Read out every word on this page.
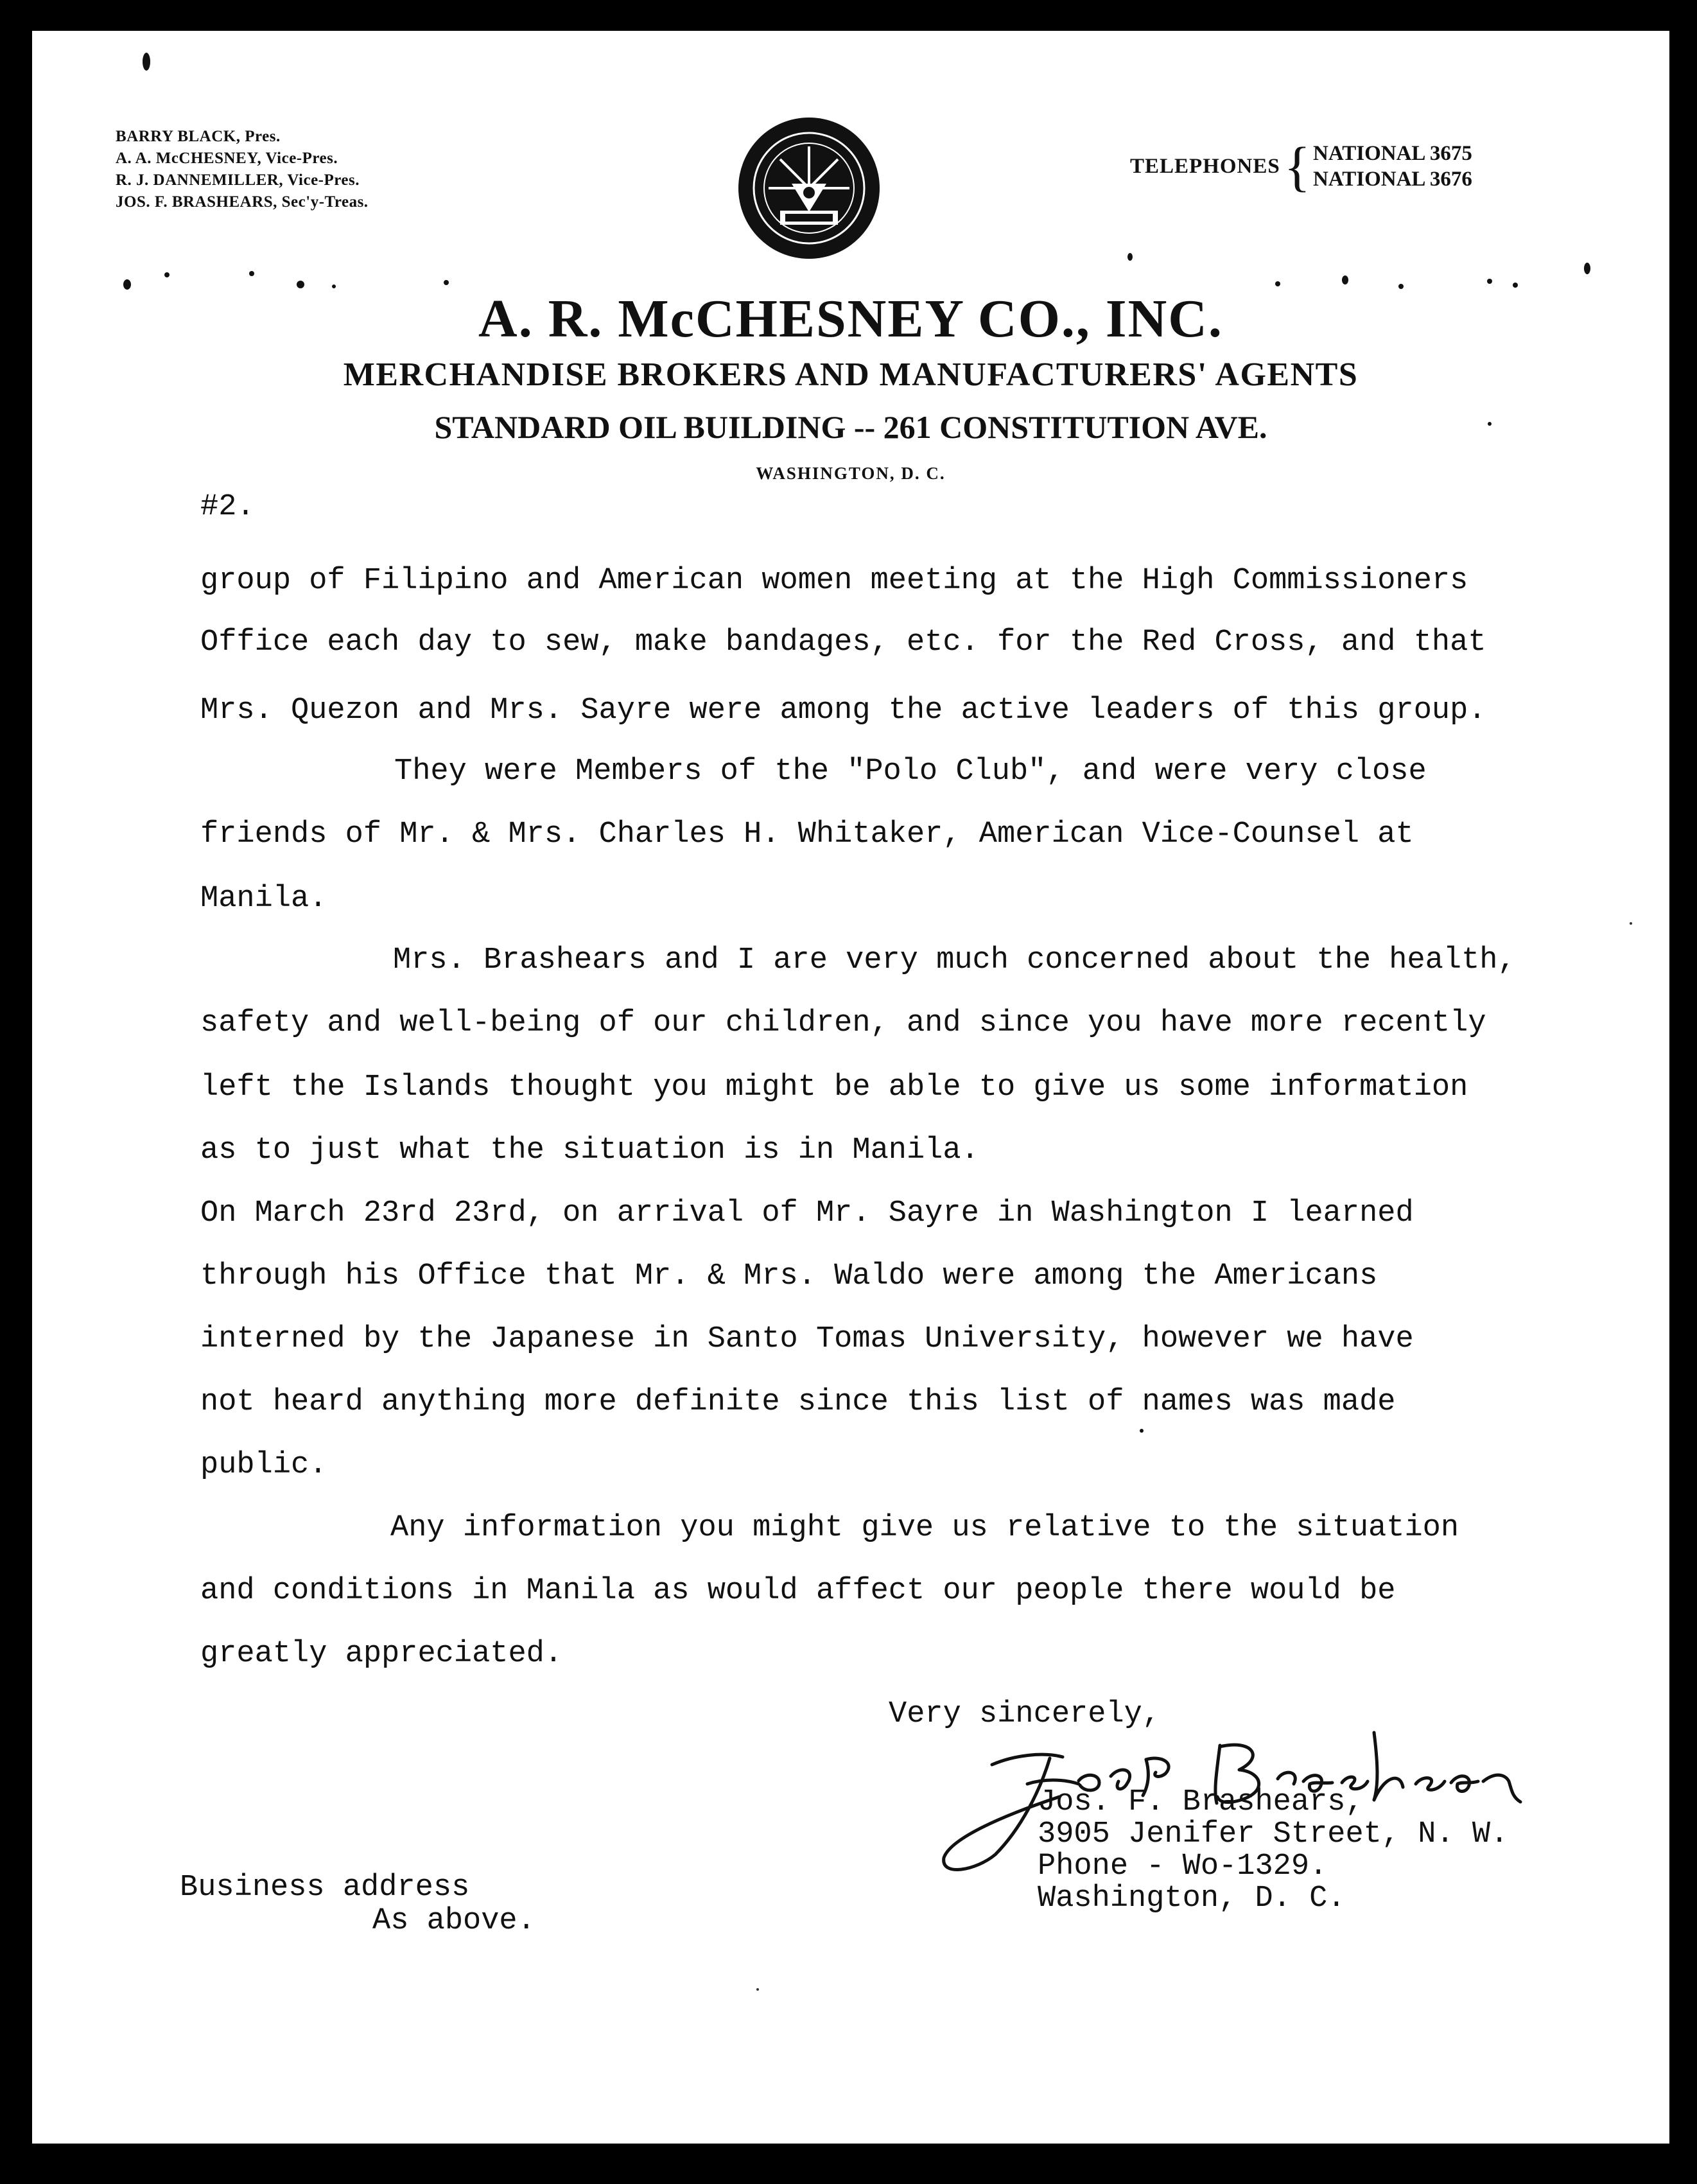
BARRY BLACK, Pres.
A. A. McCHESNEY, Vice-Pres.
R. J. DANNEMILLER, Vice-Pres.
JOS. F. BRASHEARS, Sec'y-Treas.
TELEPHONES { NATIONAL 3675
NATIONAL 3676
A. R. McCHESNEY CO., INC.
MERCHANDISE BROKERS AND MANUFACTURERS' AGENTS
STANDARD OIL BUILDING -- 261 CONSTITUTION AVE.
WASHINGTON, D. C.
#2.
group of Filipino and American women meeting at the High Commissioners
Office each day to sew, make bandages, etc. for the Red Cross, and that
Mrs. Quezon and Mrs. Sayre were among the active leaders of this group.
They were Members of the "Polo Club", and were very close
friends of Mr. & Mrs. Charles H. Whitaker, American Vice-Counsel at
Manila.
Mrs. Brashears and I are very much concerned about the health,
safety and well-being of our children, and since you have more recently
left the Islands thought you might be able to give us some information
as to just what the situation is in Manila.
On March 23rd 23rd, on arrival of Mr. Sayre in Washington I learned
through his Office that Mr. & Mrs. Waldo were among the Americans
interned by the Japanese in Santo Tomas University, however we have
not heard anything more definite since this list of names was made
public.
Any information you might give us relative to the situation
and conditions in Manila as would affect our people there would be
greatly appreciated.
Very sincerely,
Jos. F. Brashears,
3905 Jenifer Street, N. W.
Phone - Wo-1329.
Washington, D. C.
Business address
As above.
